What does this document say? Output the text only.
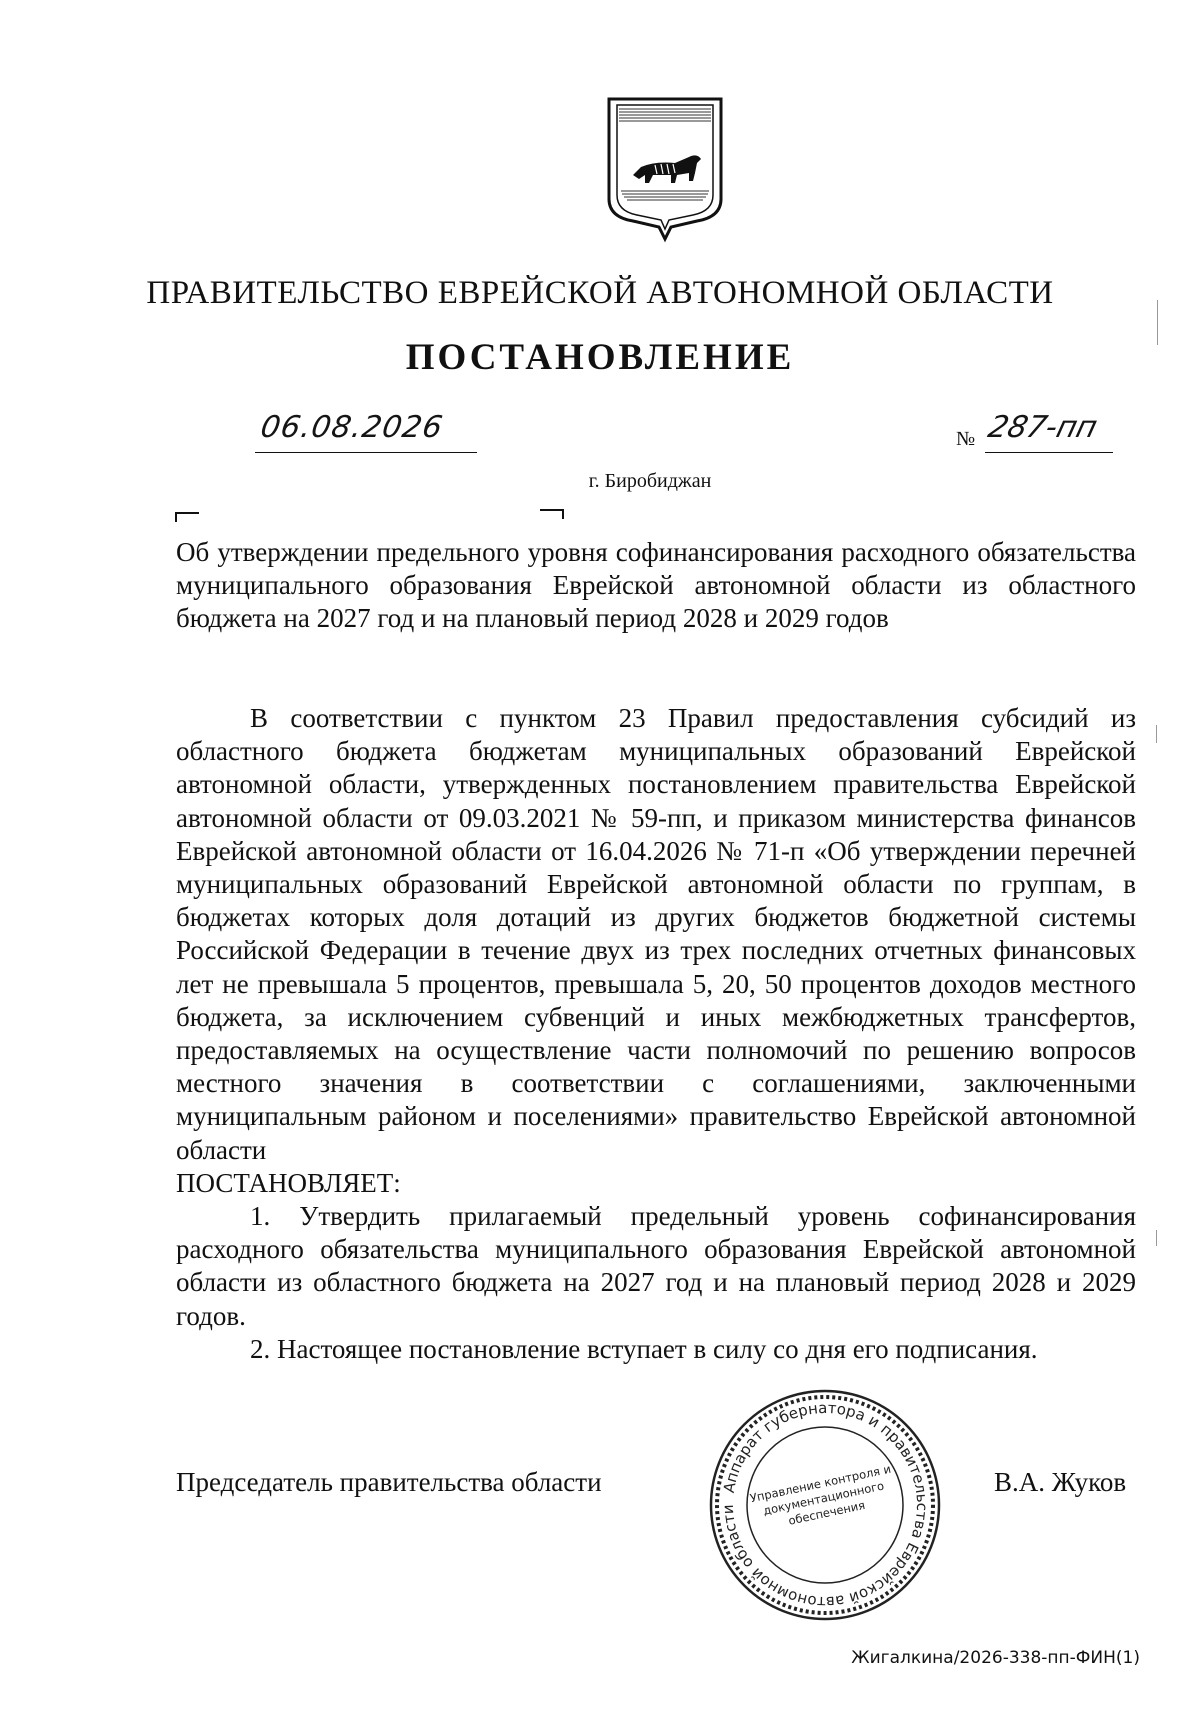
ПРАВИТЕЛЬСТВО ЕВРЕЙСКОЙ АВТОНОМНОЙ ОБЛАСТИ
ПОСТАНОВЛЕНИЕ
06.08.2026	№ 287-пп
г. Биробиджан
Об утверждении предельного уровня софинансирования расходного обязательства муниципального образования Еврейской автономной области из областного бюджета на 2027 год и на плановый период 2028 и 2029 годов

В соответствии с пунктом 23 Правил предоставления субсидий из областного бюджета бюджетам муниципальных образований Еврейской автономной области, утвержденных постановлением правительства Еврейской автономной области от 09.03.2021 № 59-пп, и приказом министерства финансов Еврейской автономной области от 16.04.2026 № 71-п «Об утверждении перечней муниципальных образований Еврейской автономной области по группам, в бюджетах которых доля дотаций из других бюджетов бюджетной системы Российской Федерации в течение двух из трех последних отчетных финансовых лет не превышала 5 процентов, превышала 5, 20, 50 процентов доходов местного бюджета, за исключением субвенций и иных межбюджетных трансфертов, предоставляемых на осуществление части полномочий по решению вопросов местного значения в соответствии с соглашениями, заключенными муниципальным районом и поселениями» правительство Еврейской автономной области

ПОСТАНОВЛЯЕТ:

1. Утвердить прилагаемый предельный уровень софинансирования расходного обязательства муниципального образования Еврейской автономной области из областного бюджета на 2027 год и на плановый период 2028 и 2029 годов.

2. Настоящее постановление вступает в силу со дня его подписания.

Председатель правительства области	В.А. Жуков
Аппарат губернатора и правительства Еврейской автономной области
Управление контроля и документационного обеспечения
Жигалкина/2026-338-пп-ФИН(1)
